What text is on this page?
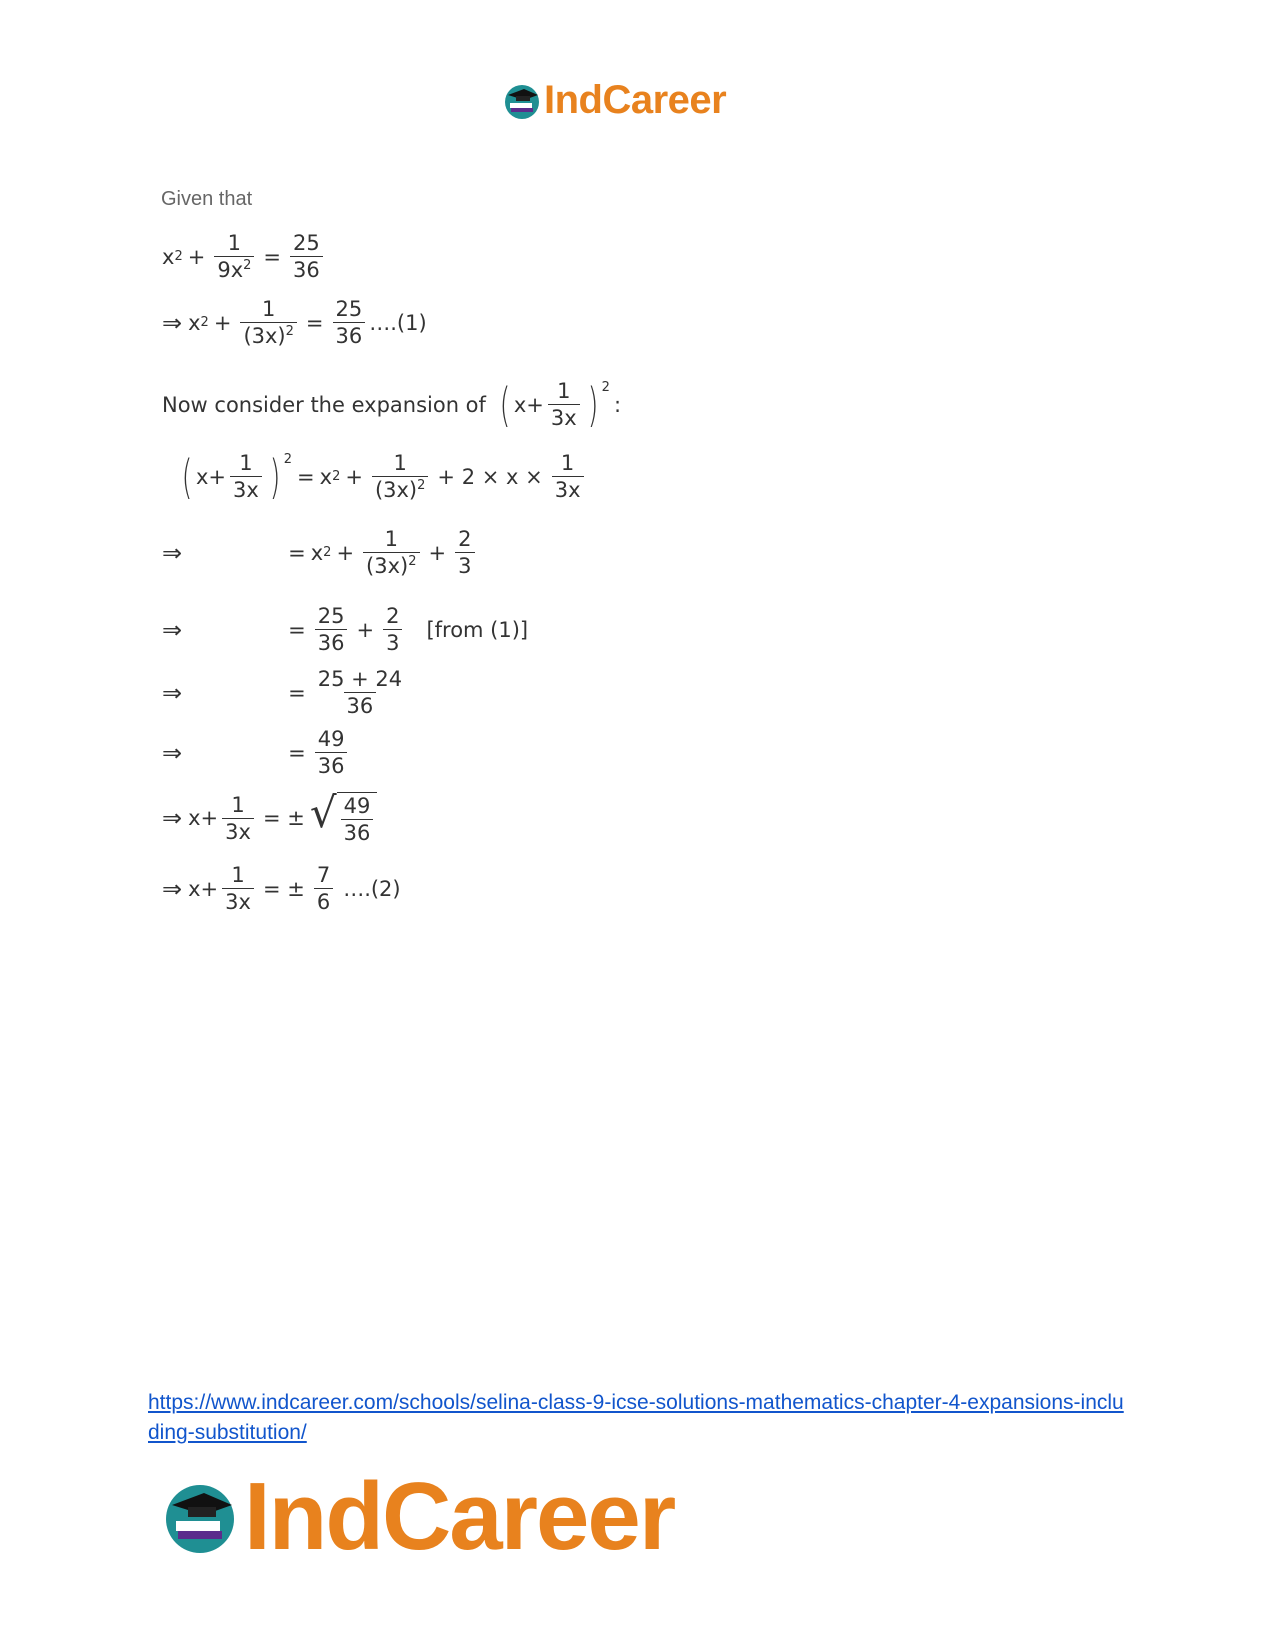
IndCareer
Given that
x $2 + \frac{1}{9x^2} = \frac{25}{36}$
⇒ x $2 + \frac{1}{(3x)^2} = \frac{25}{36}$ ….(1)
Now consider the expansion of ( $x+ \frac{1}{3x}$ ) $^2$
:
( $x+ \frac{1}{3x}$ ) $^2$
= x $2 + \frac{1}{(3x)^2} + 2 \times x \times \frac{1}{3x}$
⇒	= x $2 + \frac{1}{(3x)^2} + \frac{2}{3}$
⇒	= $\frac{25}{36} + \frac{2}{3}$ [from (1)]
⇒	= $\frac{25 + 24}{36}$
⇒	= $\frac{49}{36}$
⇒ $x+ \frac{1}{3x}$ = ± √ $\frac{49}{36}$
⇒ $x+ \frac{1}{3x}$ = ± $\frac{7}{6}$ ….(2)
https://www.indcareer.com/schools/selina-class-9-icse-solutions-mathematics-chapter-4-expansions-including-substitution/
IndCareer
